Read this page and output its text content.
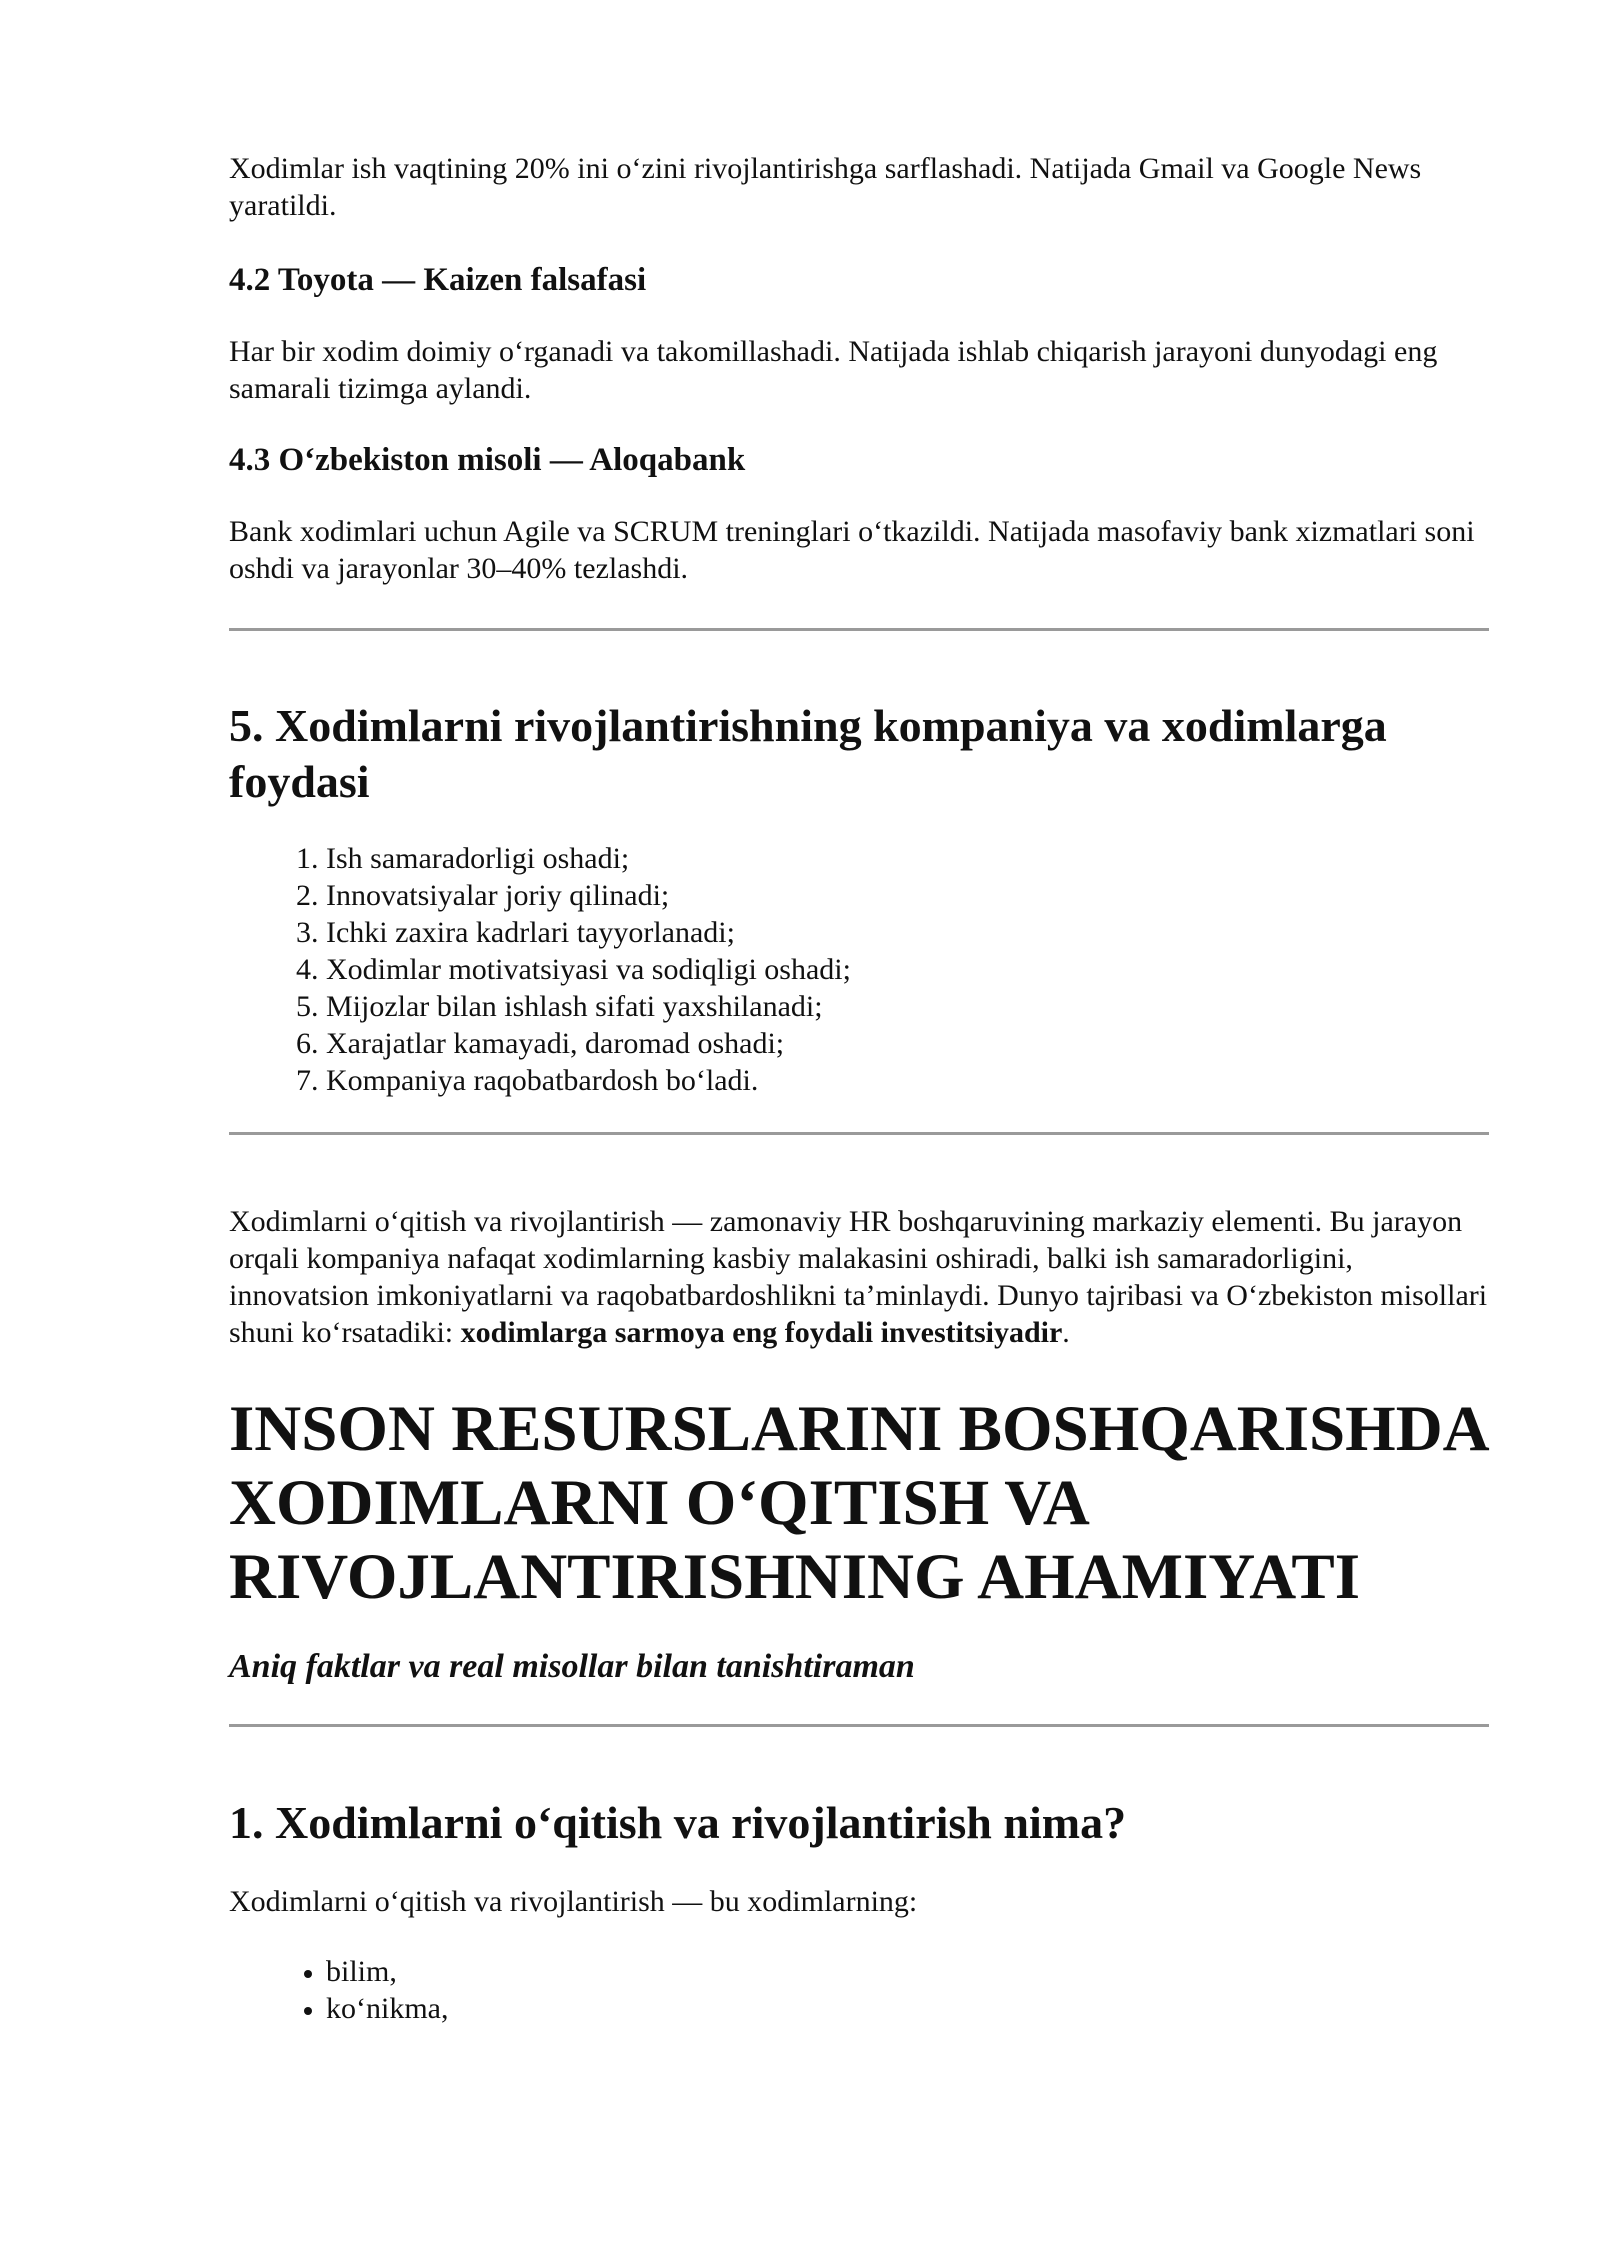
Xodimlar ish vaqtining 20% ini o‘zini rivojlantirishga sarflashadi. Natijada Gmail va Google News yaratildi.

4.2 Toyota — Kaizen falsafasi

Har bir xodim doimiy o‘rganadi va takomillashadi. Natijada ishlab chiqarish jarayoni dunyodagi eng samarali tizimga aylandi.

4.3 O‘zbekiston misoli — Aloqabank

Bank xodimlari uchun Agile va SCRUM treninglari o‘tkazildi. Natijada masofaviy bank xizmatlari soni oshdi va jarayonlar 30–40% tezlashdi.

5. Xodimlarni rivojlantirishning kompaniya va xodimlarga foydasi
1. Ish samaradorligi oshadi;
2. Innovatsiyalar joriy qilinadi;
3. Ichki zaxira kadrlari tayyorlanadi;
4. Xodimlar motivatsiyasi va sodiqligi oshadi;
5. Mijozlar bilan ishlash sifati yaxshilanadi;
6. Xarajatlar kamayadi, daromad oshadi;
7. Kompaniya raqobatbardosh bo‘ladi.

Xodimlarni o‘qitish va rivojlantirish — zamonaviy HR boshqaruvining markaziy elementi. Bu jarayon orqali kompaniya nafaqat xodimlarning kasbiy malakasini oshiradi, balki ish samaradorligini, innovatsion imkoniyatlarni va raqobatbardoshlikni ta’minlaydi. Dunyo tajribasi va O‘zbekiston misollari shuni ko‘rsatadiki: xodimlarga sarmoya eng foydali investitsiyadir.

INSON RESURSLARINI BOSHQARISHDA XODIMLARNI O‘QITISH VA RIVOJLANTIRISHNING AHAMIYATI
Aniq faktlar va real misollar bilan tanishtiraman
1. Xodimlarni o‘qitish va rivojlantirish nima?

Xodimlarni o‘qitish va rivojlantirish — bu xodimlarning:

• bilim,
• ko‘nikma,
